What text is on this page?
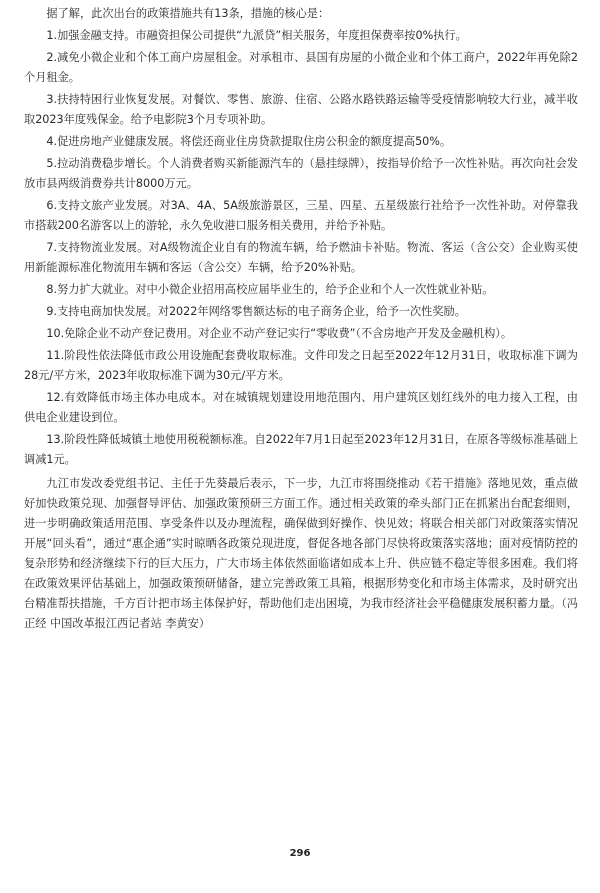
据了解，此次出台的政策措施共有13条，措施的核心是：

1.加强金融支持。市融资担保公司提供“九派贷”相关服务，年度担保费率按0%执行。

2.减免小微企业和个体工商户房屋租金。对承租市、县国有房屋的小微企业和个体工商户，2022年再免除2个月租金。

3.扶持特困行业恢复发展。对餐饮、零售、旅游、住宿、公路水路铁路运输等受疫情影响较大行业，减半收取2023年度残保金。给予电影院3个月专项补助。

4.促进房地产业健康发展。将偿还商业住房贷款提取住房公积金的额度提高50%。

5.拉动消费稳步增长。个人消费者购买新能源汽车的（悬挂绿牌），按指导价给予一次性补贴。再次向社会发放市县两级消费券共计8000万元。

6.支持文旅产业发展。对3A、4A、5A级旅游景区，三星、四星、五星级旅行社给予一次性补助。对停靠我市搭载200名游客以上的游轮，永久免收港口服务相关费用，并给予补贴。

7.支持物流业发展。对A级物流企业自有的物流车辆，给予燃油卡补贴。物流、客运（含公交）企业购买使用新能源标准化物流用车辆和客运（含公交）车辆，给予20%补贴。

8.努力扩大就业。对中小微企业招用高校应届毕业生的，给予企业和个人一次性就业补贴。

9.支持电商加快发展。对2022年网络零售额达标的电子商务企业，给予一次性奖励。

10.免除企业不动产登记费用。对企业不动产登记实行“零收费”（不含房地产开发及金融机构）。

11.阶段性依法降低市政公用设施配套费收取标准。文件印发之日起至2022年12月31日，收取标准下调为28元/平方米，2023年收取标准下调为30元/平方米。

12.有效降低市场主体办电成本。对在城镇规划建设用地范围内、用户建筑区划红线外的电力接入工程，由供电企业建设到位。

13.阶段性降低城镇土地使用税税额标准。自2022年7月1日起至2023年12月31日，在原各等级标准基础上调减1元。

九江市发改委党组书记、主任于先葵最后表示，下一步，九江市将围绕推动《若干措施》落地见效，重点做好加快政策兑现、加强督导评估、加强政策预研三方面工作。通过相关政策的牵头部门正在抓紧出台配套细则，进一步明确政策适用范围、享受条件以及办理流程，确保做到好操作、快见效；将联合相关部门对政策落实情况开展“回头看”，通过“惠企通”实时晾晒各政策兑现进度，督促各地各部门尽快将政策落实落地；面对疫情防控的复杂形势和经济继续下行的巨大压力，广大市场主体依然面临诸如成本上升、供应链不稳定等很多困难。我们将在政策效果评估基础上，加强政策预研储备，建立完善政策工具箱，根据形势变化和市场主体需求，及时研究出台精准帮扶措施，千方百计把市场主体保护好，帮助他们走出困境，为我市经济社会平稳健康发展积蓄力量。（冯正经 中国改革报江西记者站 李黄安）

296
